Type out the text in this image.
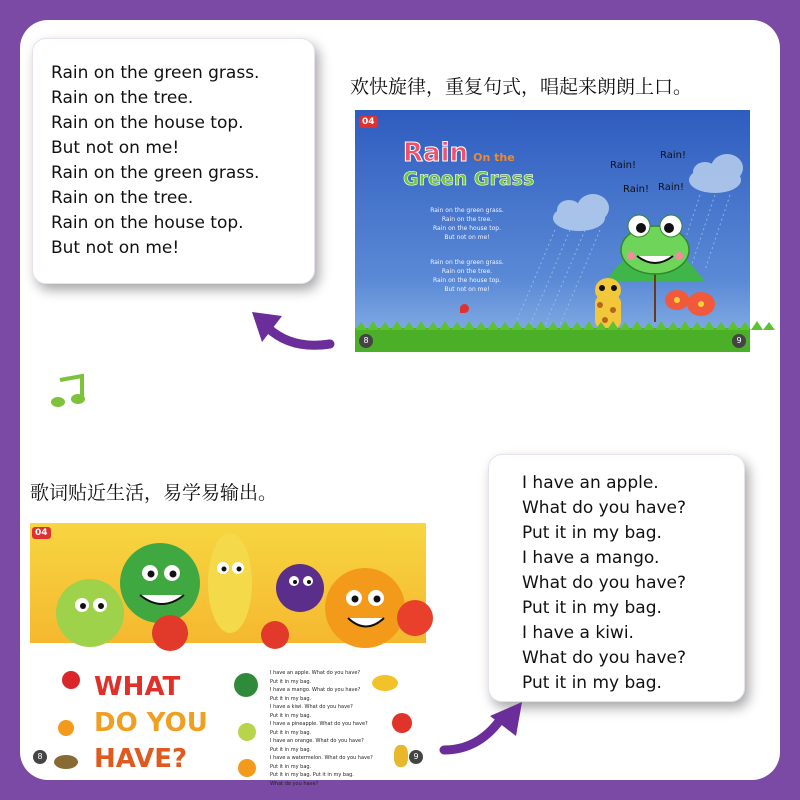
Rain on the green grass.
Rain on the tree.
Rain on the house top.
But not on me!
Rain on the green grass.
Rain on the tree.
Rain on the house top.
But not on me!
欢快旋律，重复句式，唱起来朗朗上口。
04
Rain On the
Green Grass
Rain on the green grass.
Rain on the tree.
Rain on the house top.
But not on me!
Rain on the green grass.
Rain on the tree.
Rain on the house top.
But not on me!
Rain!
Rain!
Rain! Rain!
8	9
歌词贴近生活，易学易输出。	I have an apple.
What do you have?
Put it in my bag.
I have a mango.
What do you have?
Put it in my bag.
I have a kiwi.
What do you have?
Put it in my bag.
04
WHAT
DO YOU
HAVE?
I have an apple. What do you have?
Put it in my bag.
I have a mango. What do you have?
Put it in my bag.
I have a kiwi. What do you have?
Put it in my bag.
I have a pineapple. What do you have?
Put it in my bag.
I have an orange. What do you have?
Put it in my bag.
I have a watermelon. What do you have?
Put it in my bag.
Put it in my bag. Put it in my bag.
What do you have?
8	9
